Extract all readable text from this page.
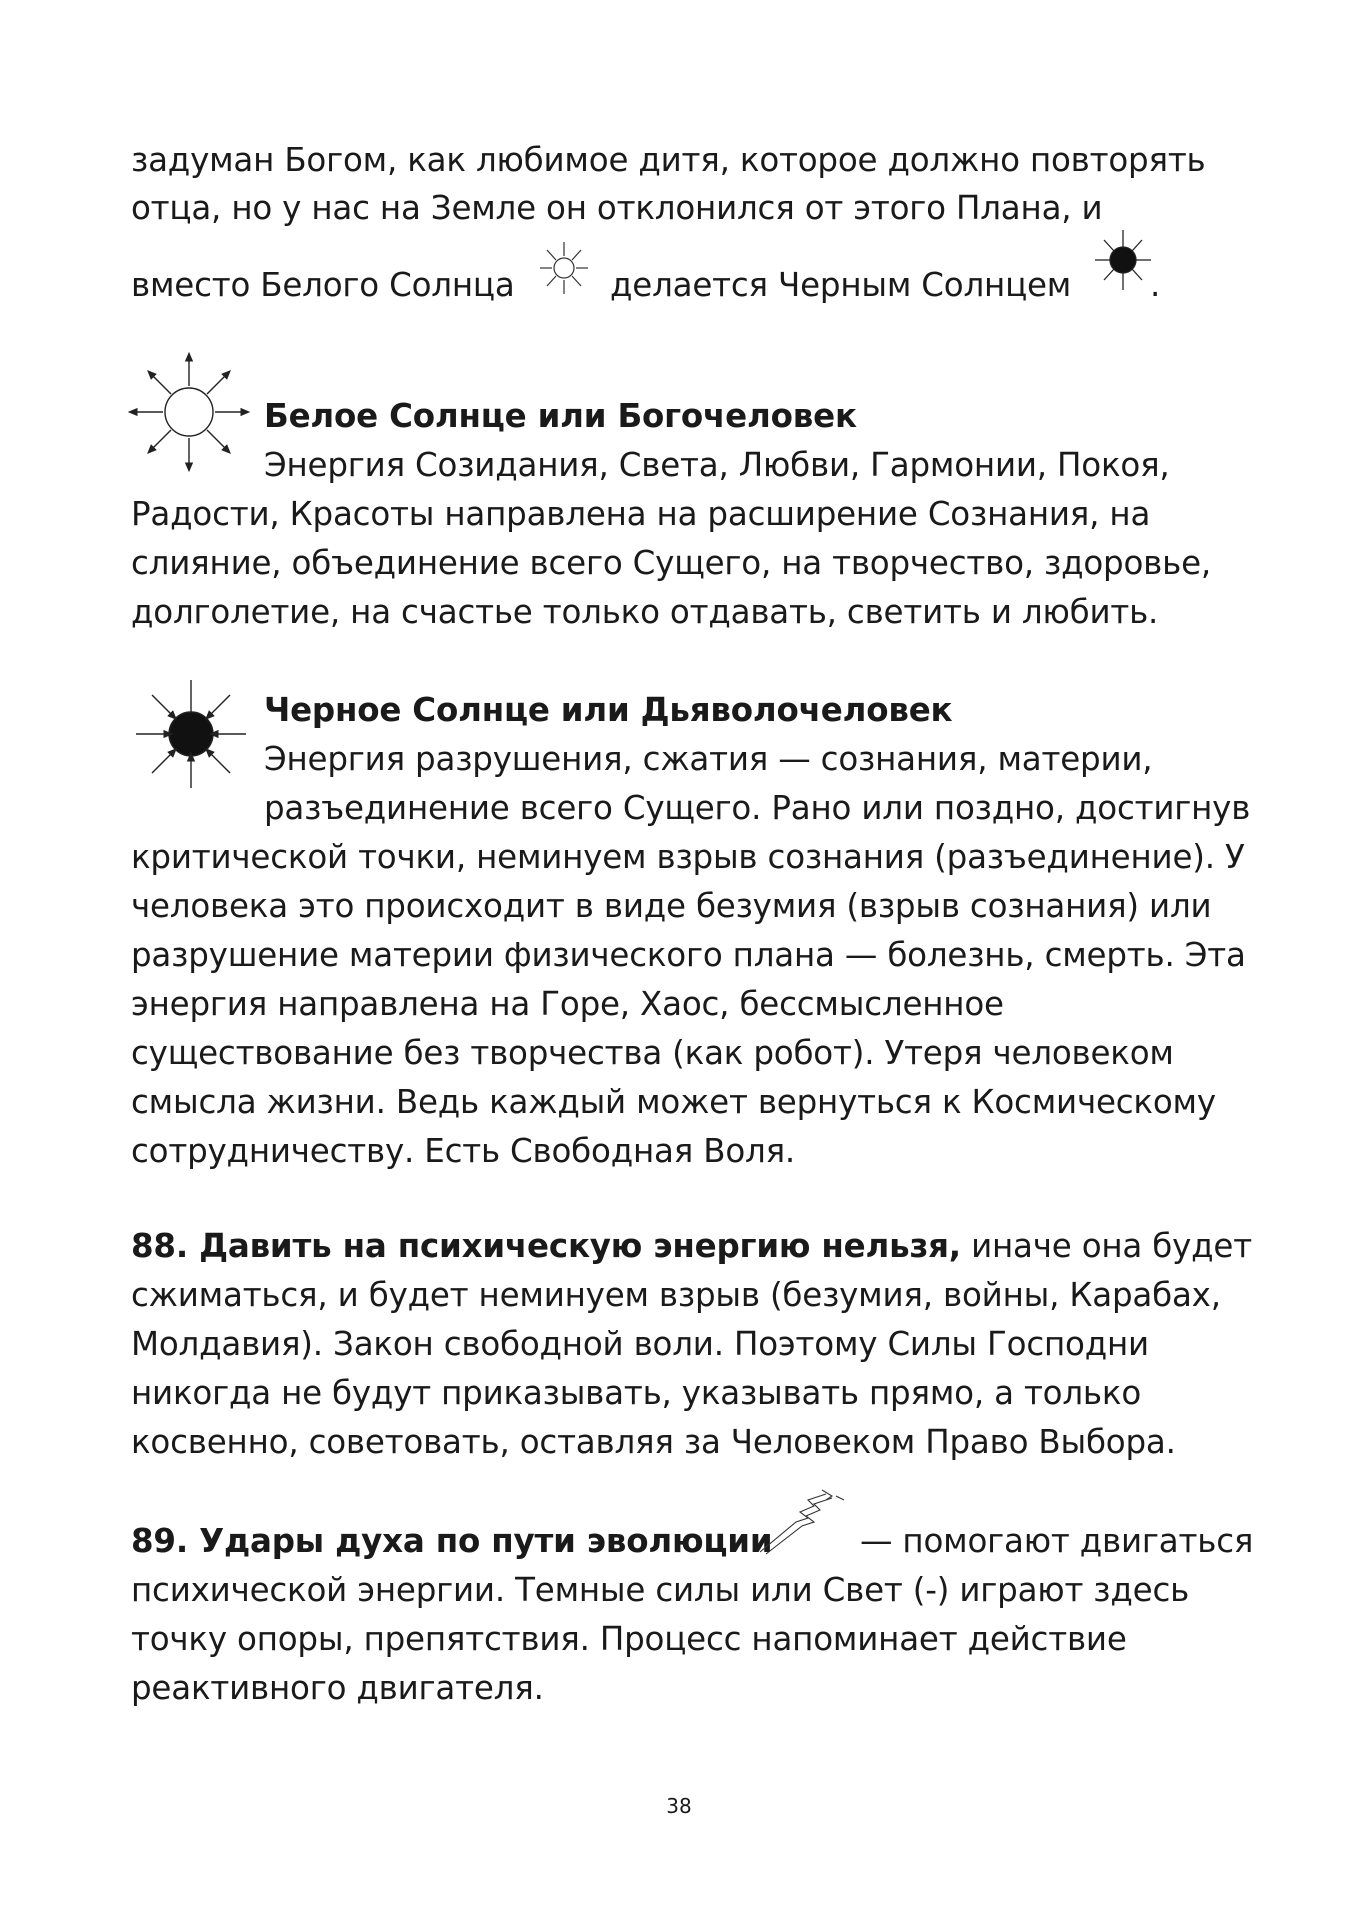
задуман Богом, как любимое дитя, которое должно повторять
отца, но у нас на Земле он отклонился от этого Плана, и
вместо Белого Солнца	делается Черным Солнцем .
Белое Солнце или Богочеловек
Энергия Созидания, Света, Любви, Гармонии, Покоя,
Радости, Красоты направлена на расширение Сознания, на
слияние, объединение всего Сущего, на творчество, здоровье,
долголетие, на счастье только отдавать, светить и любить.
Черное Солнце или Дьяволочеловек
Энергия разрушения, сжатия — сознания, материи,
разъединение всего Сущего. Рано или поздно, достигнув
критической точки, неминуем взрыв сознания (разъединение). У
человека это происходит в виде безумия (взрыв сознания) или
разрушение материи физического плана — болезнь, смерть. Эта
энергия направлена на Горе, Хаос, бессмысленное
существование без творчества (как робот). Утеря человеком
смысла жизни. Ведь каждый может вернуться к Космическому
сотрудничеству. Есть Свободная Воля.
88. Давить на психическую энергию нельзя, иначе она будет
сжиматься, и будет неминуем взрыв (безумия, войны, Карабах,
Молдавия). Закон свободной воли. Поэтому Силы Господни
никогда не будут приказывать, указывать прямо, а только
косвенно, советовать, оставляя за Человеком Право Выбора.
89. Удары духа по пути эволюции	— помогают двигаться
психической энергии. Темные силы или Свет (-) играют здесь
точку опоры, препятствия. Процесс напоминает действие
реактивного двигателя.
38
